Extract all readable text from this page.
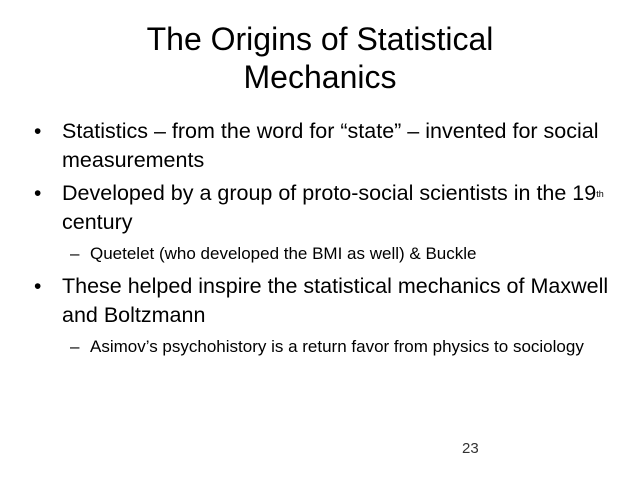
The Origins of Statistical
Mechanics
• Statistics – from the word for “state” – invented for social measurements
• Developed by a group of proto-social scientists in the 19th century
– Quetelet (who developed the BMI as well) & Buckle
• These helped inspire the statistical mechanics of Maxwell and Boltzmann
– Asimov’s psychohistory is a return favor from physics to sociology
23
